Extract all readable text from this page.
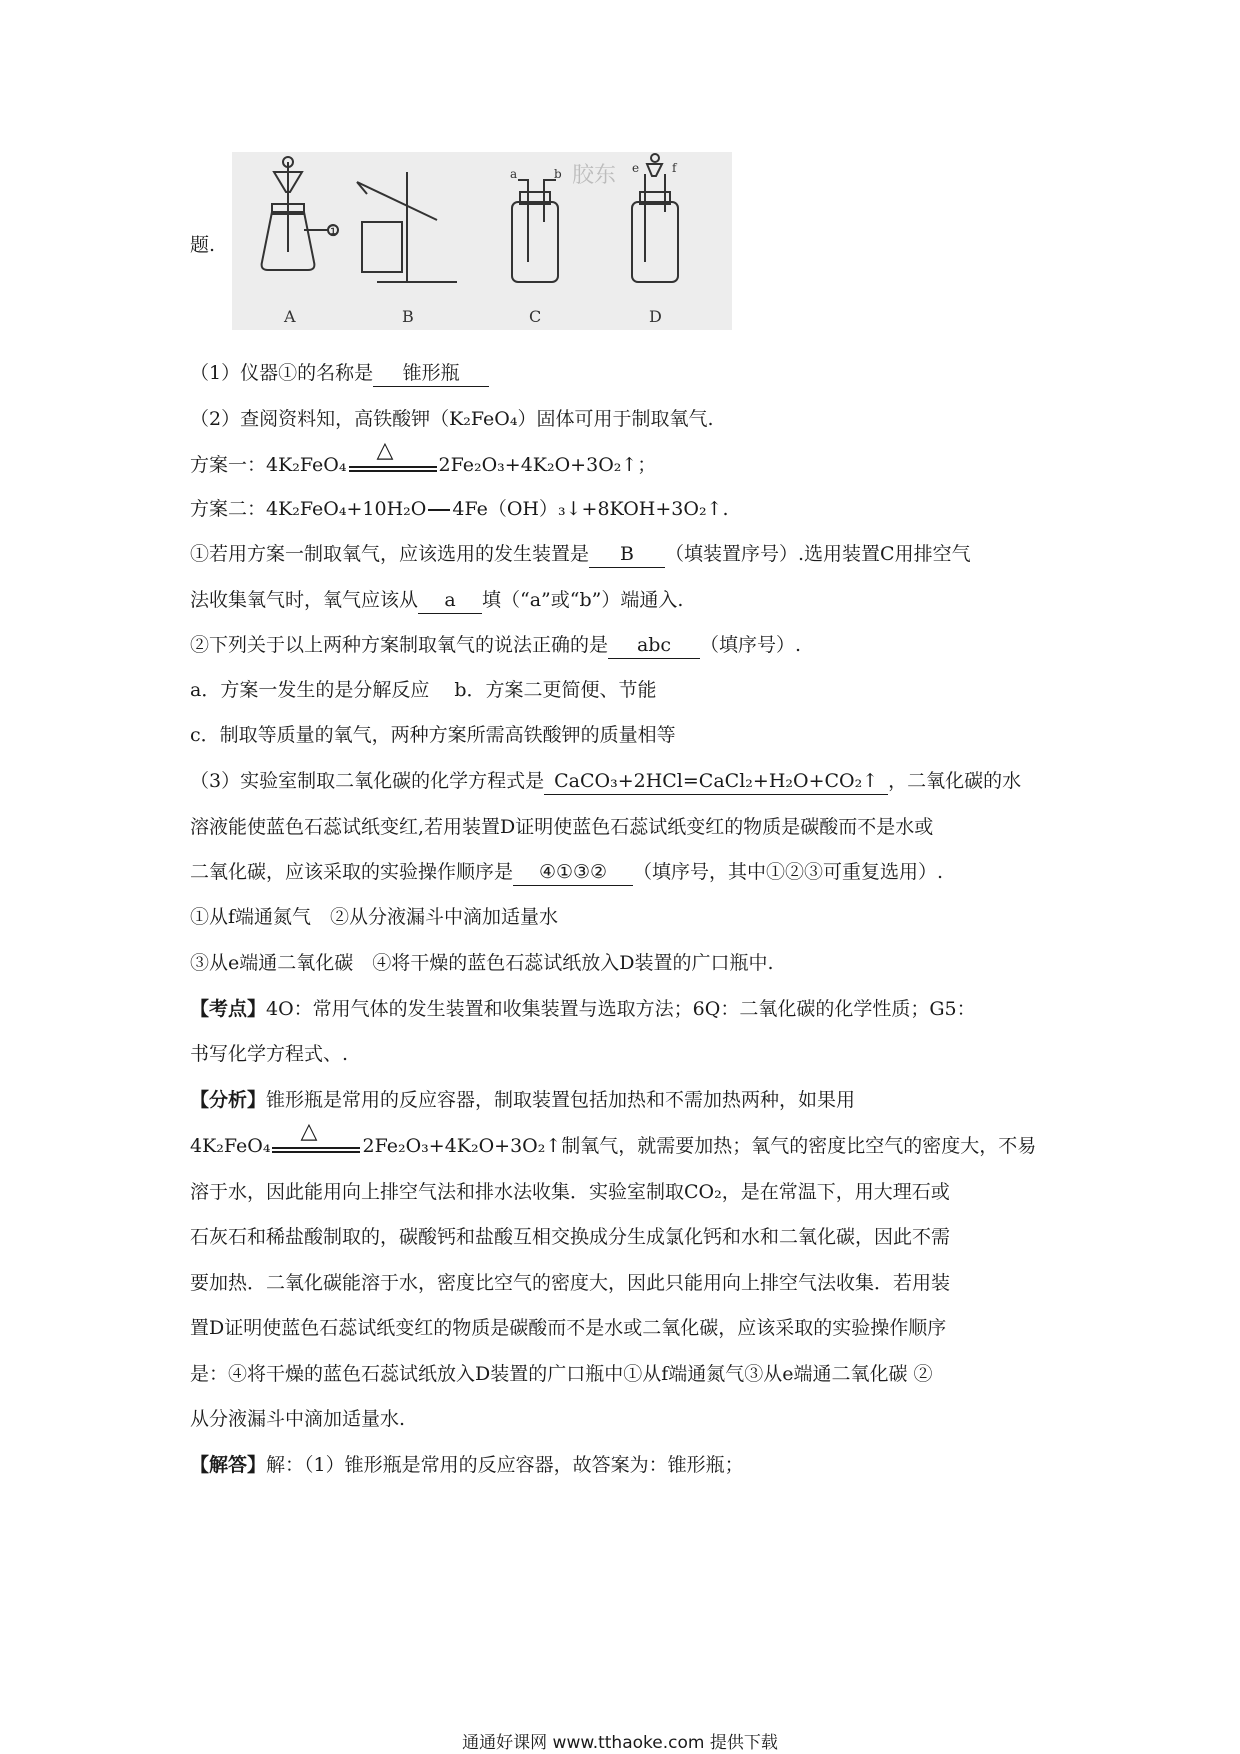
题.
A	B	C	D
①
a	b	e	f
胶东
（1）仪器①的名称是 锥形瓶
（2）查阅资料知，高铁酸钾（K₂FeO₄）固体可用于制取氧气.
方案一：4K₂FeO₄
△
2Fe₂O₃+4K₂O+3O₂↑；
方案二：4K₂FeO₄+10H₂O 4Fe（OH）₃↓+8KOH+3O₂↑.
①若用方案一制取氧气，应该选用的发生装置是 B （填装置序号）.选用装置C用排空气
法收集氧气时，氧气应该从 a 填（“a”或“b”）端通入.
②下列关于以上两种方案制取氧气的说法正确的是 abc （填序号）.
a．方案一发生的是分解反应　 b．方案二更简便、节能
c．制取等质量的氧气，两种方案所需高铁酸钾的质量相等
（3）实验室制取二氧化碳的化学方程式是 CaCO₃+2HCl=CaCl₂+H₂O+CO₂↑ ，二氧化碳的水
溶液能使蓝色石蕊试纸变红,若用装置D证明使蓝色石蕊试纸变红的物质是碳酸而不是水或
二氧化碳，应该采取的实验操作顺序是 ④①③② （填序号，其中①②③可重复选用）.
①从f端通氮气　②从分液漏斗中滴加适量水
③从e端通二氧化碳　④将干燥的蓝色石蕊试纸放入D装置的广口瓶中.
【考点】4O：常用气体的发生装置和收集装置与选取方法；6Q：二氧化碳的化学性质；G5：
书写化学方程式、.
【分析】锥形瓶是常用的反应容器，制取装置包括加热和不需加热两种，如果用
4K₂FeO₄
△
2Fe₂O₃+4K₂O+3O₂↑制氧气，就需要加热；氧气的密度比空气的密度大，不易
溶于水，因此能用向上排空气法和排水法收集．实验室制取CO₂，是在常温下，用大理石或
石灰石和稀盐酸制取的，碳酸钙和盐酸互相交换成分生成氯化钙和水和二氧化碳，因此不需
要加热．二氧化碳能溶于水，密度比空气的密度大，因此只能用向上排空气法收集．若用装
置D证明使蓝色石蕊试纸变红的物质是碳酸而不是水或二氧化碳，应该采取的实验操作顺序
是：④将干燥的蓝色石蕊试纸放入D装置的广口瓶中①从f端通氮气③从e端通二氧化碳 ②
从分液漏斗中滴加适量水.
【解答】解：（1）锥形瓶是常用的反应容器，故答案为：锥形瓶；
通通好课网 www.tthaoke.com 提供下载
